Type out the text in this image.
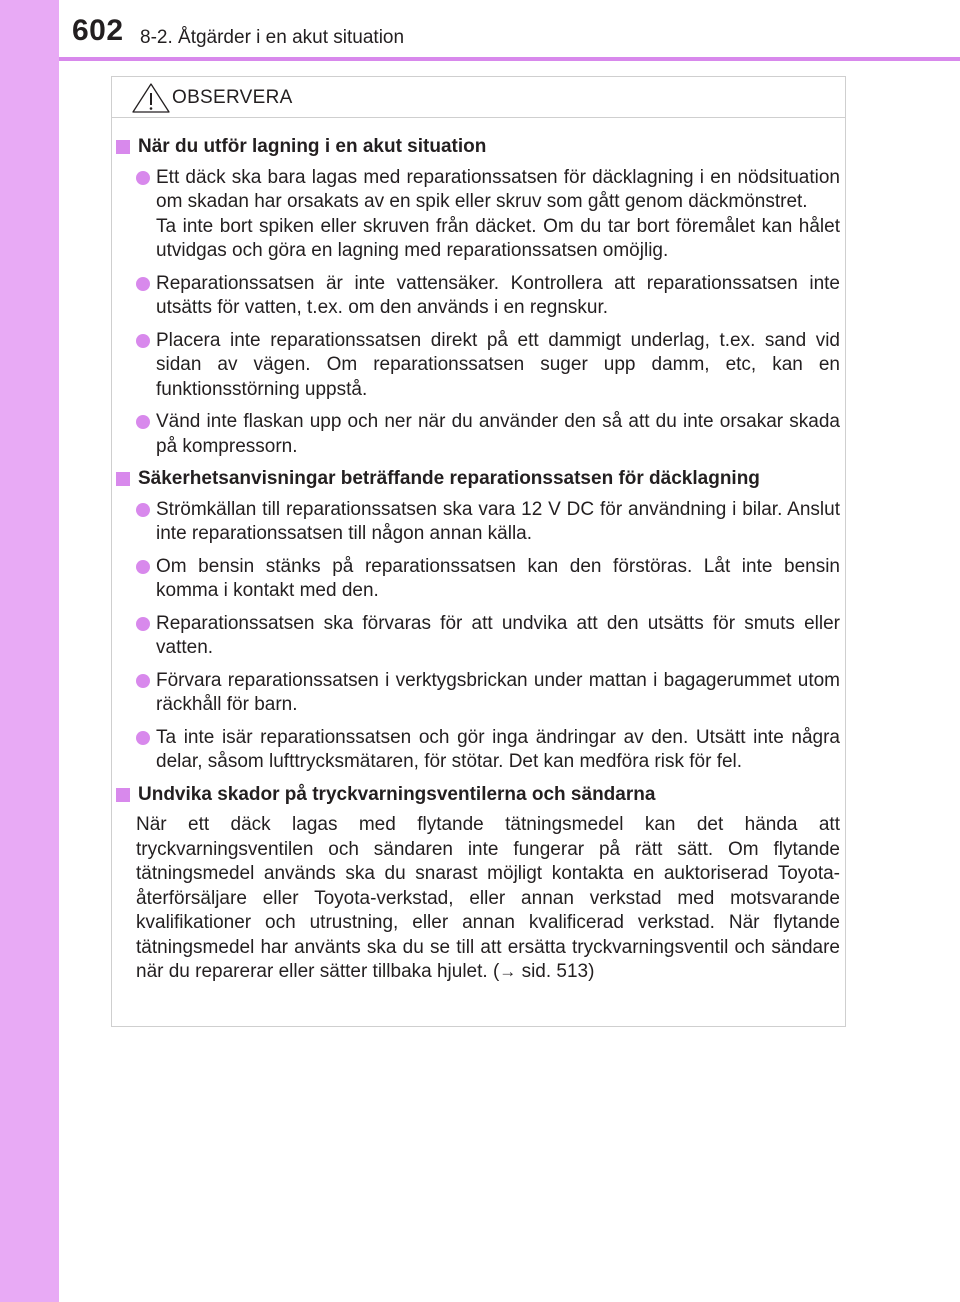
602 8-2. Åtgärder i en akut situation
OBSERVERA
När du utför lagning i en akut situation
Ett däck ska bara lagas med reparationssatsen för däcklagning i en nödsituation om skadan har orsakats av en spik eller skruv som gått genom däckmönstret.
Ta inte bort spiken eller skruven från däcket. Om du tar bort föremålet kan hålet utvidgas och göra en lagning med reparationssatsen omöjlig.
Reparationssatsen är inte vattensäker. Kontrollera att reparationssatsen inte utsätts för vatten, t.ex. om den används i en regnskur.
Placera inte reparationssatsen direkt på ett dammigt underlag, t.ex. sand vid sidan av vägen. Om reparationssatsen suger upp damm, etc, kan en funktionsstörning uppstå.
Vänd inte flaskan upp och ner när du använder den så att du inte orsakar skada på kompressorn.
Säkerhetsanvisningar beträffande reparationssatsen för däcklagning
Strömkällan till reparationssatsen ska vara 12 V DC för användning i bilar. Anslut inte reparationssatsen till någon annan källa.
Om bensin stänks på reparationssatsen kan den förstöras. Låt inte bensin komma i kontakt med den.
Reparationssatsen ska förvaras för att undvika att den utsätts för smuts eller vatten.
Förvara reparationssatsen i verktygsbrickan under mattan i bagagerummet utom räckhåll för barn.
Ta inte isär reparationssatsen och gör inga ändringar av den. Utsätt inte några delar, såsom lufttrycksmätaren, för stötar. Det kan medföra risk för fel.
Undvika skador på tryckvarningsventilerna och sändarna
När ett däck lagas med flytande tätningsmedel kan det hända att tryckvarningsventilen och sändaren inte fungerar på rätt sätt. Om flytande tätningsmedel används ska du snarast möjligt kontakta en auktoriserad Toyota-återförsäljare eller Toyota-verkstad, eller annan verkstad med motsvarande kvalifikationer och utrustning, eller annan kvalificerad verkstad. När flytande tätningsmedel har använts ska du se till att ersätta tryckvarningsventil och sändare när du reparerar eller sätter tillbaka hjulet. (→ sid. 513)
